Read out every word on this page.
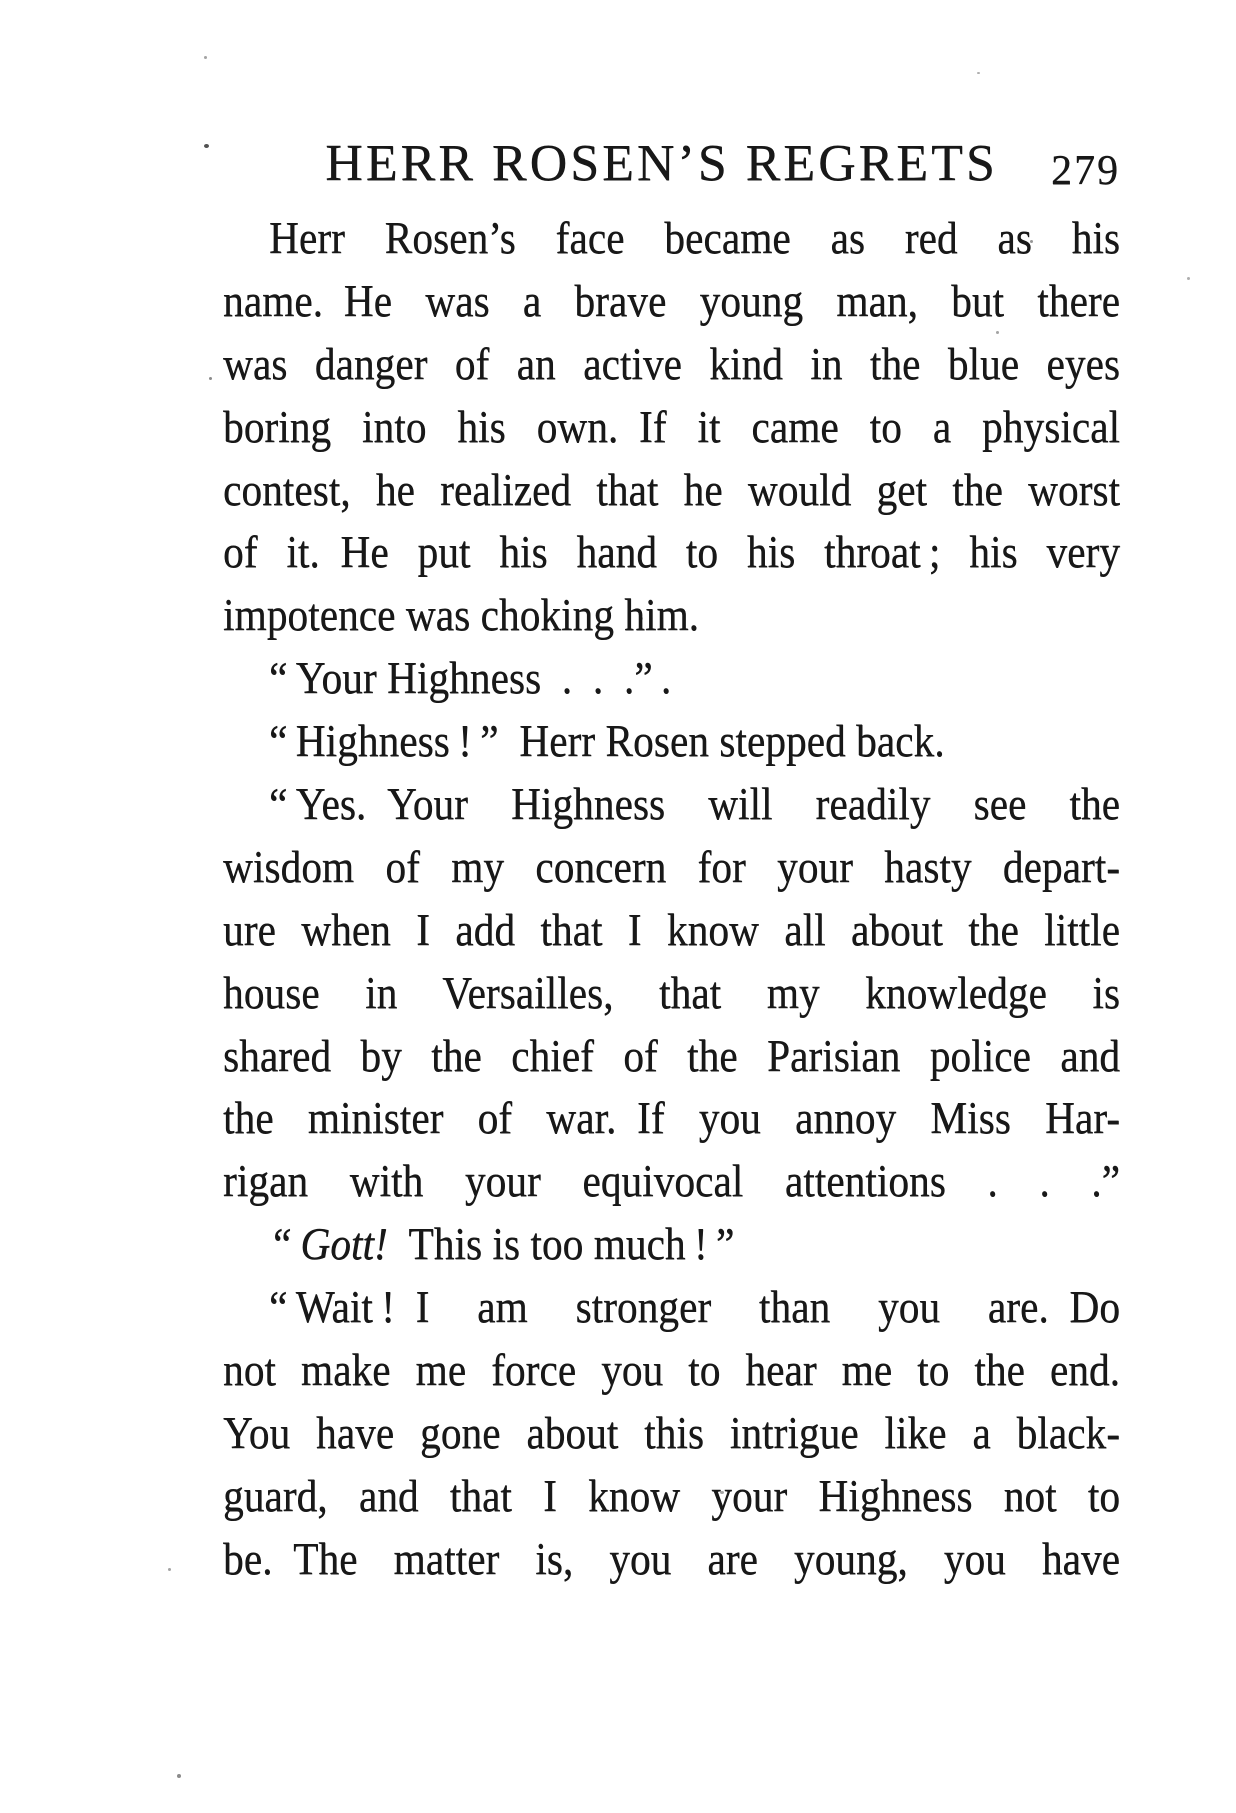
HERR ROSEN’S REGRETS	279
Herr Rosen’s face became as red as his
name. He was a brave young man, but there
was danger of an active kind in the blue eyes
boring into his own. If it came to a physical
contest, he realized that he would get the worst
of it. He put his hand to his throat ; his very
impotence was choking him.
“ Your Highness . . .” .
“ Highness ! ” Herr Rosen stepped back.
“ Yes. Your Highness will readily see the
wisdom of my concern for your hasty depart-
ure when I add that I know all about the little
house in Versailles, that my knowledge is
shared by the chief of the Parisian police and
the minister of war. If you annoy Miss Har-
rigan with your equivocal attentions . . .”
“ Gott! This is too much ! ”
“ Wait ! I am stronger than you are. Do
not make me force you to hear me to the end.
You have gone about this intrigue like a black-
guard, and that I know your Highness not to
be. The matter is, you are young, you have
